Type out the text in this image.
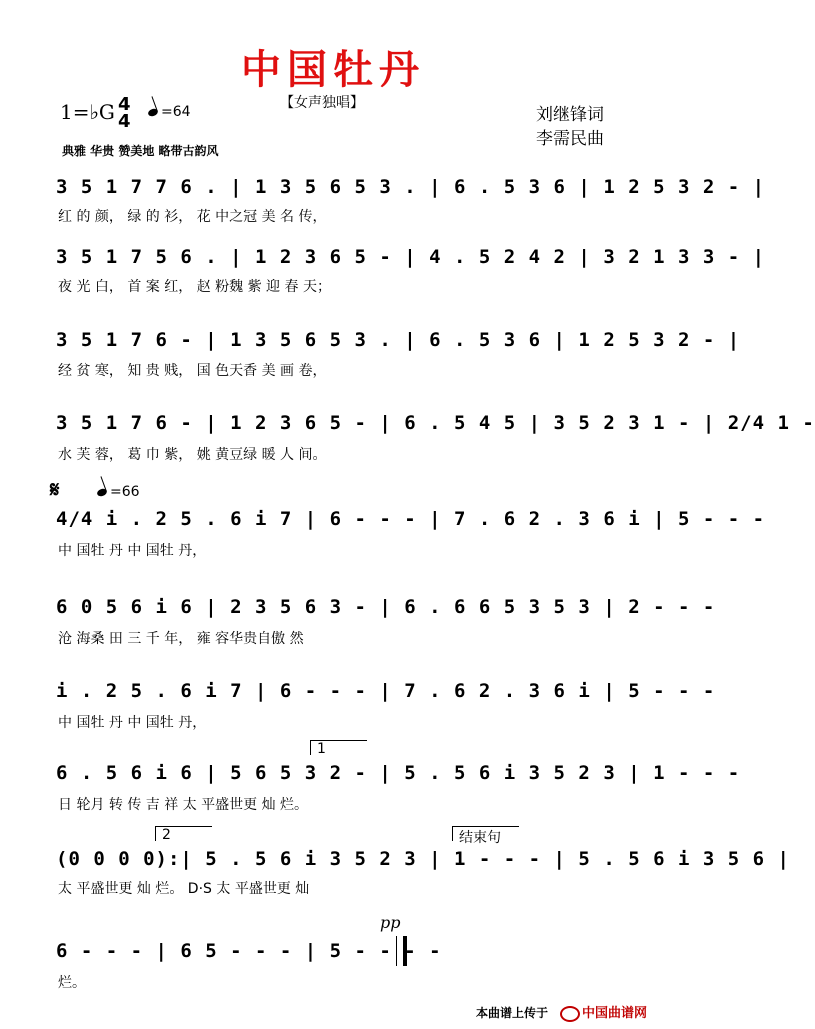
中国牡丹
【女声独唱】
1=♭G 4
4	=64
典雅 华贵 赞美地 略带古韵风
刘继锋词
李需民曲
3 5 1 7 7 6 . | 1 3 5 6 5 3 . | 6 . 5 3 6 | 1 2 5 3 2 - |
红 的 颜， 绿 的 衫， 花 中之冠 美 名 传，
3 5 1 7 5 6 . | 1 2 3 6 5 - | 4 . 5 2 4 2 | 3 2 1 3 3 - |
夜 光 白， 首 案 红， 赵 粉魏 紫 迎 春 天；
3 5 1 7 6 - | 1 3 5 6 5 3 . | 6 . 5 3 6 | 1 2 5 3 2 - |
经 贫 寒， 知 贵 贱， 国 色天香 美 画 卷，
3 5 1 7 6 - | 1 2 3 6 5 - | 6 . 5 4 5 | 3 5 2 3 1 - | 2/4 1 -
水 芙 蓉， 葛 巾 紫， 姚 黄豆绿 暖 人 间。
𝄋	=66
4/4 i . 2 5 . 6 i 7 | 6 - - - | 7 . 6 2 . 3 6 i | 5 - - -
中 国牡 丹 中 国牡 丹，
6 0 5 6 i 6 | 2 3 5 6 3 - | 6 . 6 6 5 3 5 3 | 2 - - -
沧 海桑 田 三 千 年， 雍 容华贵自傲 然
i . 2 5 . 6 i 7 | 6 - - - | 7 . 6 2 . 3 6 i | 5 - - -
中 国牡 丹 中 国牡 丹，
1
6 . 5 6 i 6 | 5 6 5 3 2 - | 5 . 5 6 i 3 5 2 3 | 1 - - -
日 轮月 转 传 吉 祥 太 平盛世更 灿 烂。
2	结束句
(0 0 0 0):| 5 . 5 6 i 3 5 2 3 | 1 - - - | 5 . 5 6 i 3 5 6 |
太 平盛世更 灿 烂。 D·S 太 平盛世更 灿
pp
6 - - - | 6 5 - - - | 5 - - - -
烂。
本曲谱上传于	中国曲谱网
